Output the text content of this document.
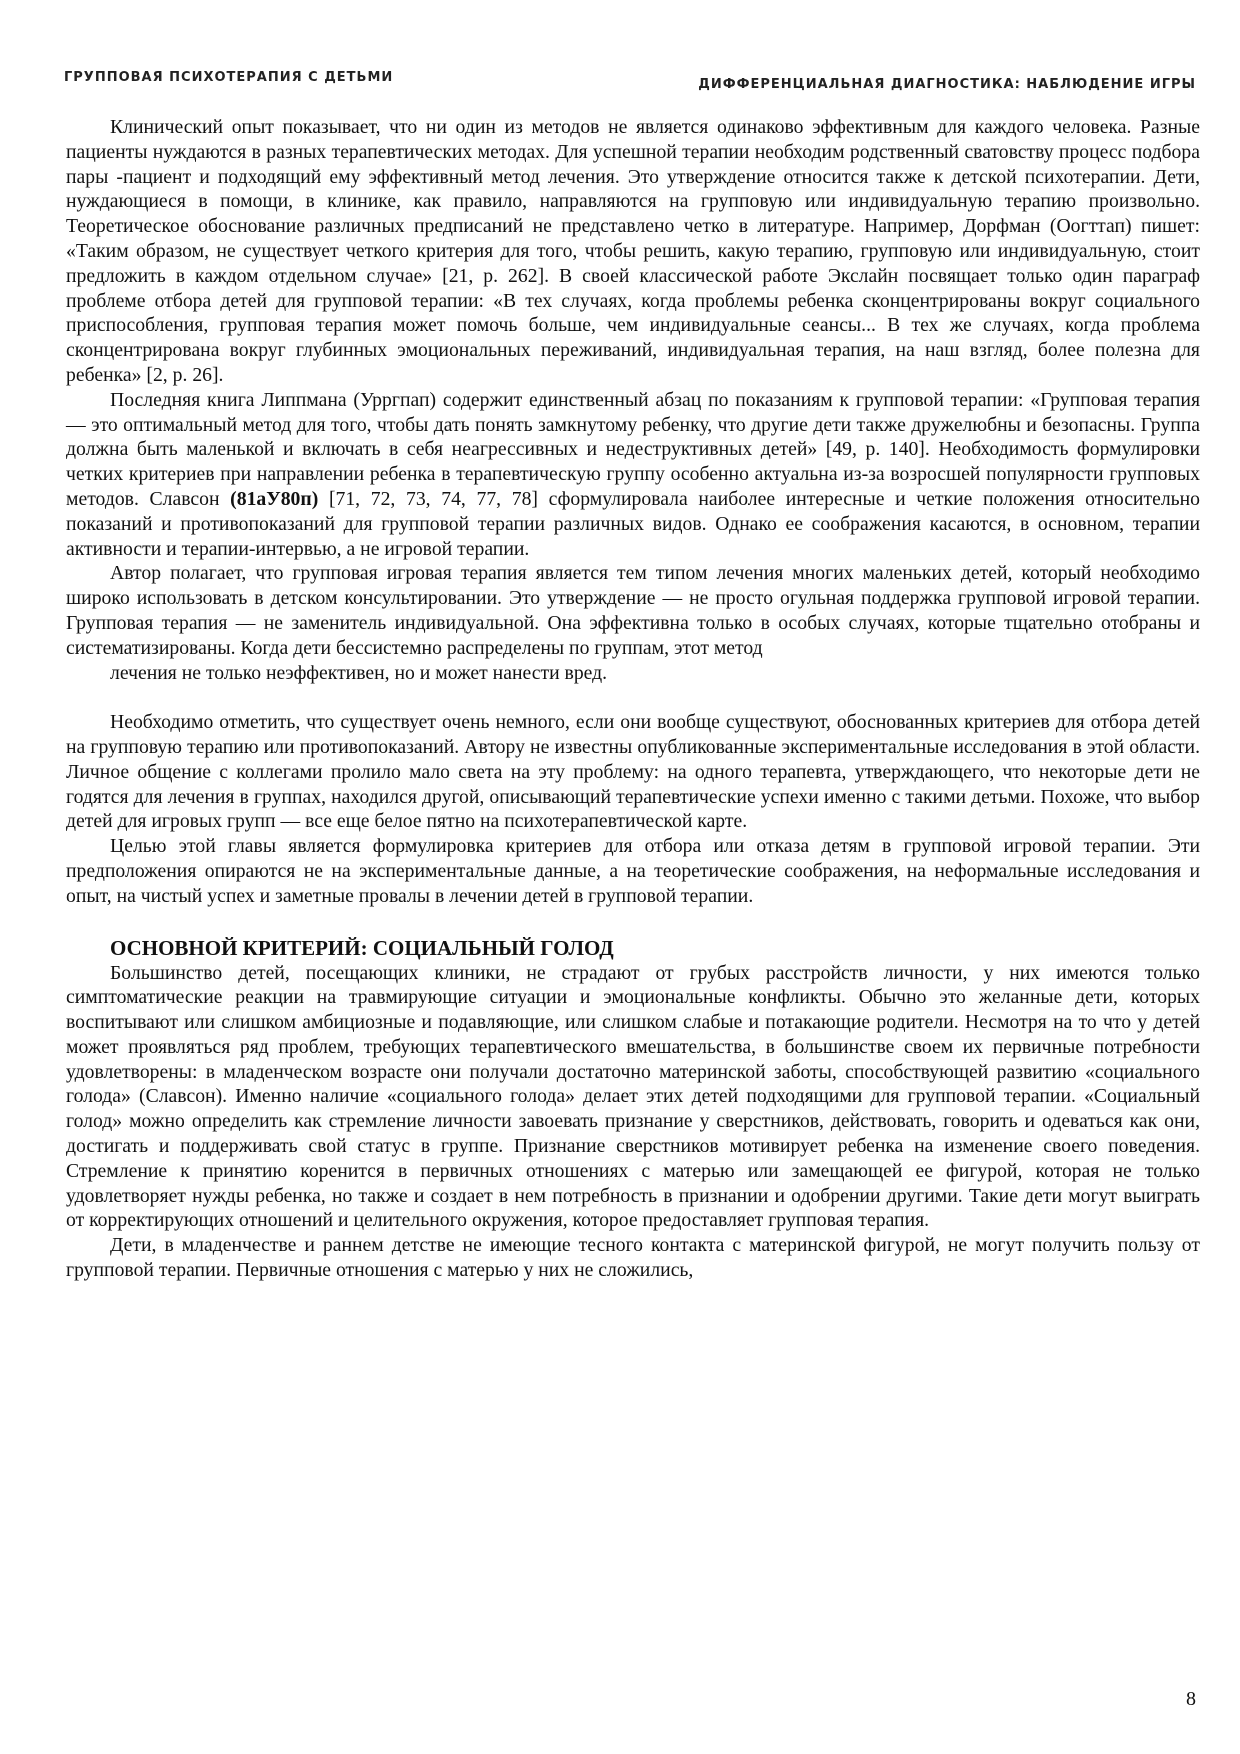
ГРУППОВАЯ ПСИХОТЕРАПИЯ С ДЕТЬМИ	ДИФФЕРЕНЦИАЛЬНАЯ ДИАГНОСТИКА: НАБЛЮДЕНИЕ ИГРЫ

Клинический опыт показывает, что ни один из методов не является одинаково эффективным для каждого человека. Разные пациенты нуждаются в разных терапевтических методах. Для успешной терапии необходим родственный сватовству процесс подбора пары -пациент и подходящий ему эффективный метод лечения. Это утверждение относится также к детской психотерапии. Дети, нуждающиеся в помощи, в клинике, как правило, направляются на групповую или индивидуальную терапию произвольно. Теоретическое обоснование различных предписаний не представлено четко в литературе. Например, Дорфман (Оогттап) пишет: «Таким образом, не существует четкого критерия для того, чтобы решить, какую терапию, групповую или индивидуальную, стоит предложить в каждом отдельном случае» [21, р. 262]. В своей классической работе Экслайн посвящает только один параграф проблеме отбора детей для групповой терапии: «В тех случаях, когда проблемы ребенка сконцентрированы вокруг социального приспособления, групповая терапия может помочь больше, чем индивидуальные сеансы... В тех же случаях, когда проблема сконцентрирована вокруг глубинных эмоциональных переживаний, индивидуальная терапия, на наш взгляд, более полезна для ребенка» [2, р. 26].

Последняя книга Липпмана (Урргпап) содержит единственный абзац по показаниям к групповой терапии: «Групповая терапия — это оптимальный метод для того, чтобы дать понять замкнутому ребенку, что другие дети также дружелюбны и безопасны. Группа должна быть маленькой и включать в себя неагрессивных и недеструктивных детей» [49, р. 140]. Необходимость формулировки четких критериев при направлении ребенка в терапевтическую группу особенно актуальна из-за возросшей популярности групповых методов. Славсон (81аУ80п) [71, 72, 73, 74, 77, 78] сформулировала наиболее интересные и четкие положения относительно показаний и противопоказаний для групповой терапии различных видов. Однако ее соображения касаются, в основном, терапии активности и терапии-интервью, а не игровой терапии.

Автор полагает, что групповая игровая терапия является тем типом лечения многих маленьких детей, который необходимо широко использовать в детском консультировании. Это утверждение — не просто огульная поддержка групповой игровой терапии. Групповая терапия — не заменитель индивидуальной. Она эффективна только в особых случаях, которые тщательно отобраны и систематизированы. Когда дети бессистемно распределены по группам, этот метод

лечения не только неэффективен, но и может нанести вред.

Необходимо отметить, что существует очень немного, если они вообще существуют, обоснованных критериев для отбора детей на групповую терапию или противопоказаний. Автору не известны опубликованные экспериментальные исследования в этой области. Личное общение с коллегами пролило мало света на эту проблему: на одного терапевта, утверждающего, что некоторые дети не годятся для лечения в группах, находился другой, описывающий терапевтические успехи именно с такими детьми. Похоже, что выбор детей для игровых групп — все еще белое пятно на психотерапевтической карте.

Целью этой главы является формулировка критериев для отбора или отказа детям в групповой игровой терапии. Эти предположения опираются не на экспериментальные данные, а на теоретические соображения, на неформальные исследования и опыт, на чистый успех и заметные провалы в лечении детей в групповой терапии.

ОСНОВНОЙ КРИТЕРИЙ: СОЦИАЛЬНЫЙ ГОЛОД

Большинство детей, посещающих клиники, не страдают от грубых расстройств личности, у них имеются только симптоматические реакции на травмирующие ситуации и эмоциональные конфликты. Обычно это желанные дети, которых воспитывают или слишком амбициозные и подавляющие, или слишком слабые и потакающие родители. Несмотря на то что у детей может проявляться ряд проблем, требующих терапевтического вмешательства, в большинстве своем их первичные потребности удовлетворены: в младенческом возрасте они получали достаточно материнской заботы, способствующей развитию «социального голода» (Славсон). Именно наличие «социального голода» делает этих детей подходящими для групповой терапии. «Социальный голод» можно определить как стремление личности завоевать признание у сверстников, действовать, говорить и одеваться как они, достигать и поддерживать свой статус в группе. Признание сверстников мотивирует ребенка на изменение своего поведения. Стремление к принятию коренится в первичных отношениях с матерью или замещающей ее фигурой, которая не только удовлетворяет нужды ребенка, но также и создает в нем потребность в признании и одобрении другими. Такие дети могут выиграть от корректирующих отношений и целительного окружения, которое предоставляет групповая терапия.

Дети, в младенчестве и раннем детстве не имеющие тесного контакта с материнской фигурой, не могут получить пользу от групповой терапии. Первичные отношения с матерью у них не сложились,

8
